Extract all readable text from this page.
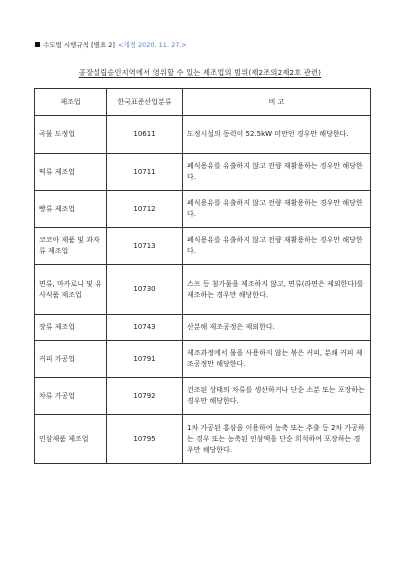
수도법 시행규칙 [별표 2] <개정 2020. 11. 27.>
공장설립승인지역에서 영위할 수 있는 제조업의 범위(제2조의2제2호 관련)
제조업	한국표준산업분류	비 고
곡물 도정업	10611	도정시설의 동력이 52.5kW 미만인 경우만 해당한다.
떡류 제조업	10711	폐식용유를 유출하지 않고 전량 재활용하는 경우만 해당한다.
빵류 제조업	10712	폐식용유를 유출하지 않고 전량 재활용하는 경우만 해당한다.
코코아 제품 및 과자류 제조업	10713	폐식용유를 유출하지 않고 전량 재활용하는 경우만 해당한다.
면류, 마카로니 및 유사식품 제조업	10730	스프 등 첨가물을 제조하지 않고, 면류(라면은 제외한다)를 제조하는 경우만 해당한다.
장류 제조업	10743	산분해 제조공정은 제외한다.
커피 가공업	10791	제조과정에서 물을 사용하지 않는 볶은 커피, 분쇄 커피 제조공정만 해당한다.
차류 가공업	10792	건조된 상태의 차류를 생산하거나 단순 소분 또는 포장하는 경우만 해당한다.
인삼제품 제조업	10795	1차 가공된 홍삼을 이용하여 농축 또는 추출 등 2차 가공하는 경우 또는 농축된 인삼액을 단순 희석하여 포장하는 경우만 해당한다.
